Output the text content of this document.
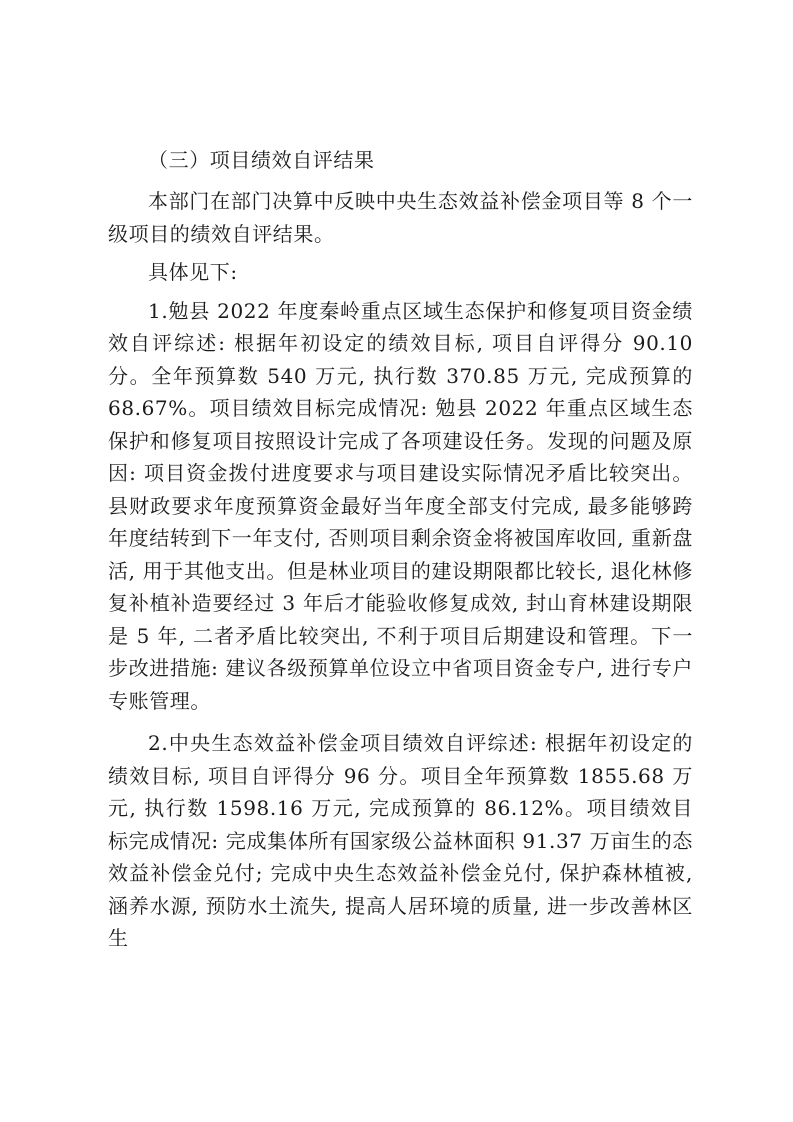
（三）项目绩效自评结果

本部门在部门决算中反映中央生态效益补偿金项目等 8 个一级项目的绩效自评结果。

具体见下:

1.勉县 2022 年度秦岭重点区域生态保护和修复项目资金绩效自评综述: 根据年初设定的绩效目标, 项目自评得分 90.10 分。全年预算数 540 万元, 执行数 370.85 万元, 完成预算的 68.67%。项目绩效目标完成情况: 勉县 2022 年重点区域生态保护和修复项目按照设计完成了各项建设任务。发现的问题及原因: 项目资金拨付进度要求与项目建设实际情况矛盾比较突出。县财政要求年度预算资金最好当年度全部支付完成, 最多能够跨年度结转到下一年支付, 否则项目剩余资金将被国库收回, 重新盘活, 用于其他支出。但是林业项目的建设期限都比较长, 退化林修复补植补造要经过 3 年后才能验收修复成效, 封山育林建设期限是 5 年, 二者矛盾比较突出, 不利于项目后期建设和管理。下一步改进措施: 建议各级预算单位设立中省项目资金专户, 进行专户专账管理。

2.中央生态效益补偿金项目绩效自评综述: 根据年初设定的绩效目标, 项目自评得分 96 分。项目全年预算数 1855.68 万元, 执行数 1598.16 万元, 完成预算的 86.12%。项目绩效目标完成情况: 完成集体所有国家级公益林面积 91.37 万亩生的态效益补偿金兑付; 完成中央生态效益补偿金兑付, 保护森林植被, 涵养水源, 预防水土流失, 提高人居环境的质量, 进一步改善林区生
